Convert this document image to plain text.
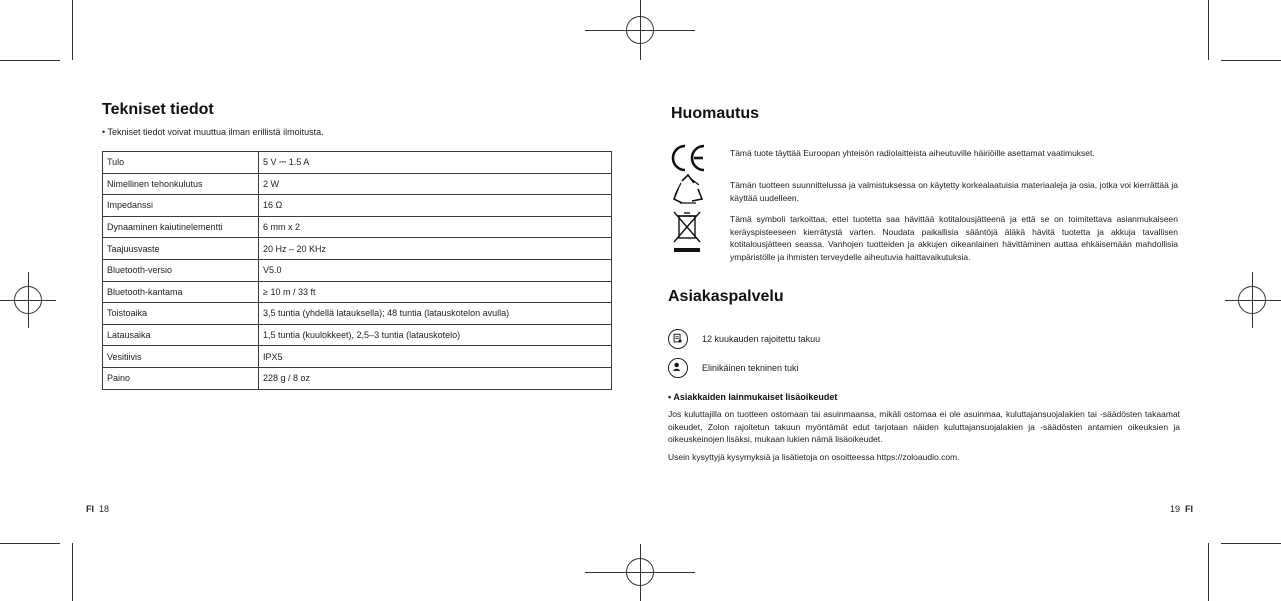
Tekniset tiedot
• Tekniset tiedot voivat muuttua ilman erillistä ilmoitusta.
Tulo	5 V ⎓ 1.5 A
Nimellinen tehonkulutus	2 W
Impedanssi	16 Ω
Dynaaminen kaiutinelementti	6 mm x 2
Taajuusvaste	20 Hz – 20 KHz
Bluetooth-versio	V5.0
Bluetooth-kantama	≥ 10 m / 33 ft
Toistoaika	3,5 tuntia (yhdellä latauksella); 48 tuntia (latauskotelon avulla)
Latausaika	1,5 tuntia (kuulokkeet), 2,5–3 tuntia (latauskotelo)
Vesitiivis	IPX5
Paino	228 g / 8 oz
FI 18
Huomautus
Tämä tuote täyttää Euroopan yhteisön radiolaitteista aiheutuville häiriöille asettamat vaatimukset.
Tämän tuotteen suunnittelussa ja valmistuksessa on käytetty korkealaatuisia materiaaleja ja osia, jotka voi kierrättää ja käyttää uudelleen.
Tämä symboli tarkoittaa, ettei tuotetta saa hävittää kotitalousjätteenä ja että se on toimitettava asianmukaiseen keräyspisteeseen kierrätystä varten. Noudata paikallisia sääntöjä äläkä hävitä tuotetta ja akkuja tavallisen kotitalousjätteen seassa. Vanhojen tuotteiden ja akkujen oikeanlainen hävittäminen auttaa ehkäisemään mahdollisia ympäristölle ja ihmisten terveydelle aiheutuvia haittavaikutuksia.
Asiakaspalvelu
12 kuukauden rajoitettu takuu
Elinikäinen tekninen tuki
• Asiakkaiden lainmukaiset lisäoikeudet
Jos kuluttajilla on tuotteen ostomaan tai asuinmaansa, mikäli ostomaa ei ole asuinmaa, kuluttajansuojalakien tai -säädösten takaamat oikeudet, Zolon rajoitetun takuun myöntämät edut tarjotaan näiden kuluttajansuojalakien ja -säädösten antamien oikeuksien ja oikeuskeinojen lisäksi, mukaan lukien nämä lisäoikeudet.
Usein kysyttyjä kysymyksiä ja lisätietoja on osoitteessa https://zoloaudio.com.
19 FI
